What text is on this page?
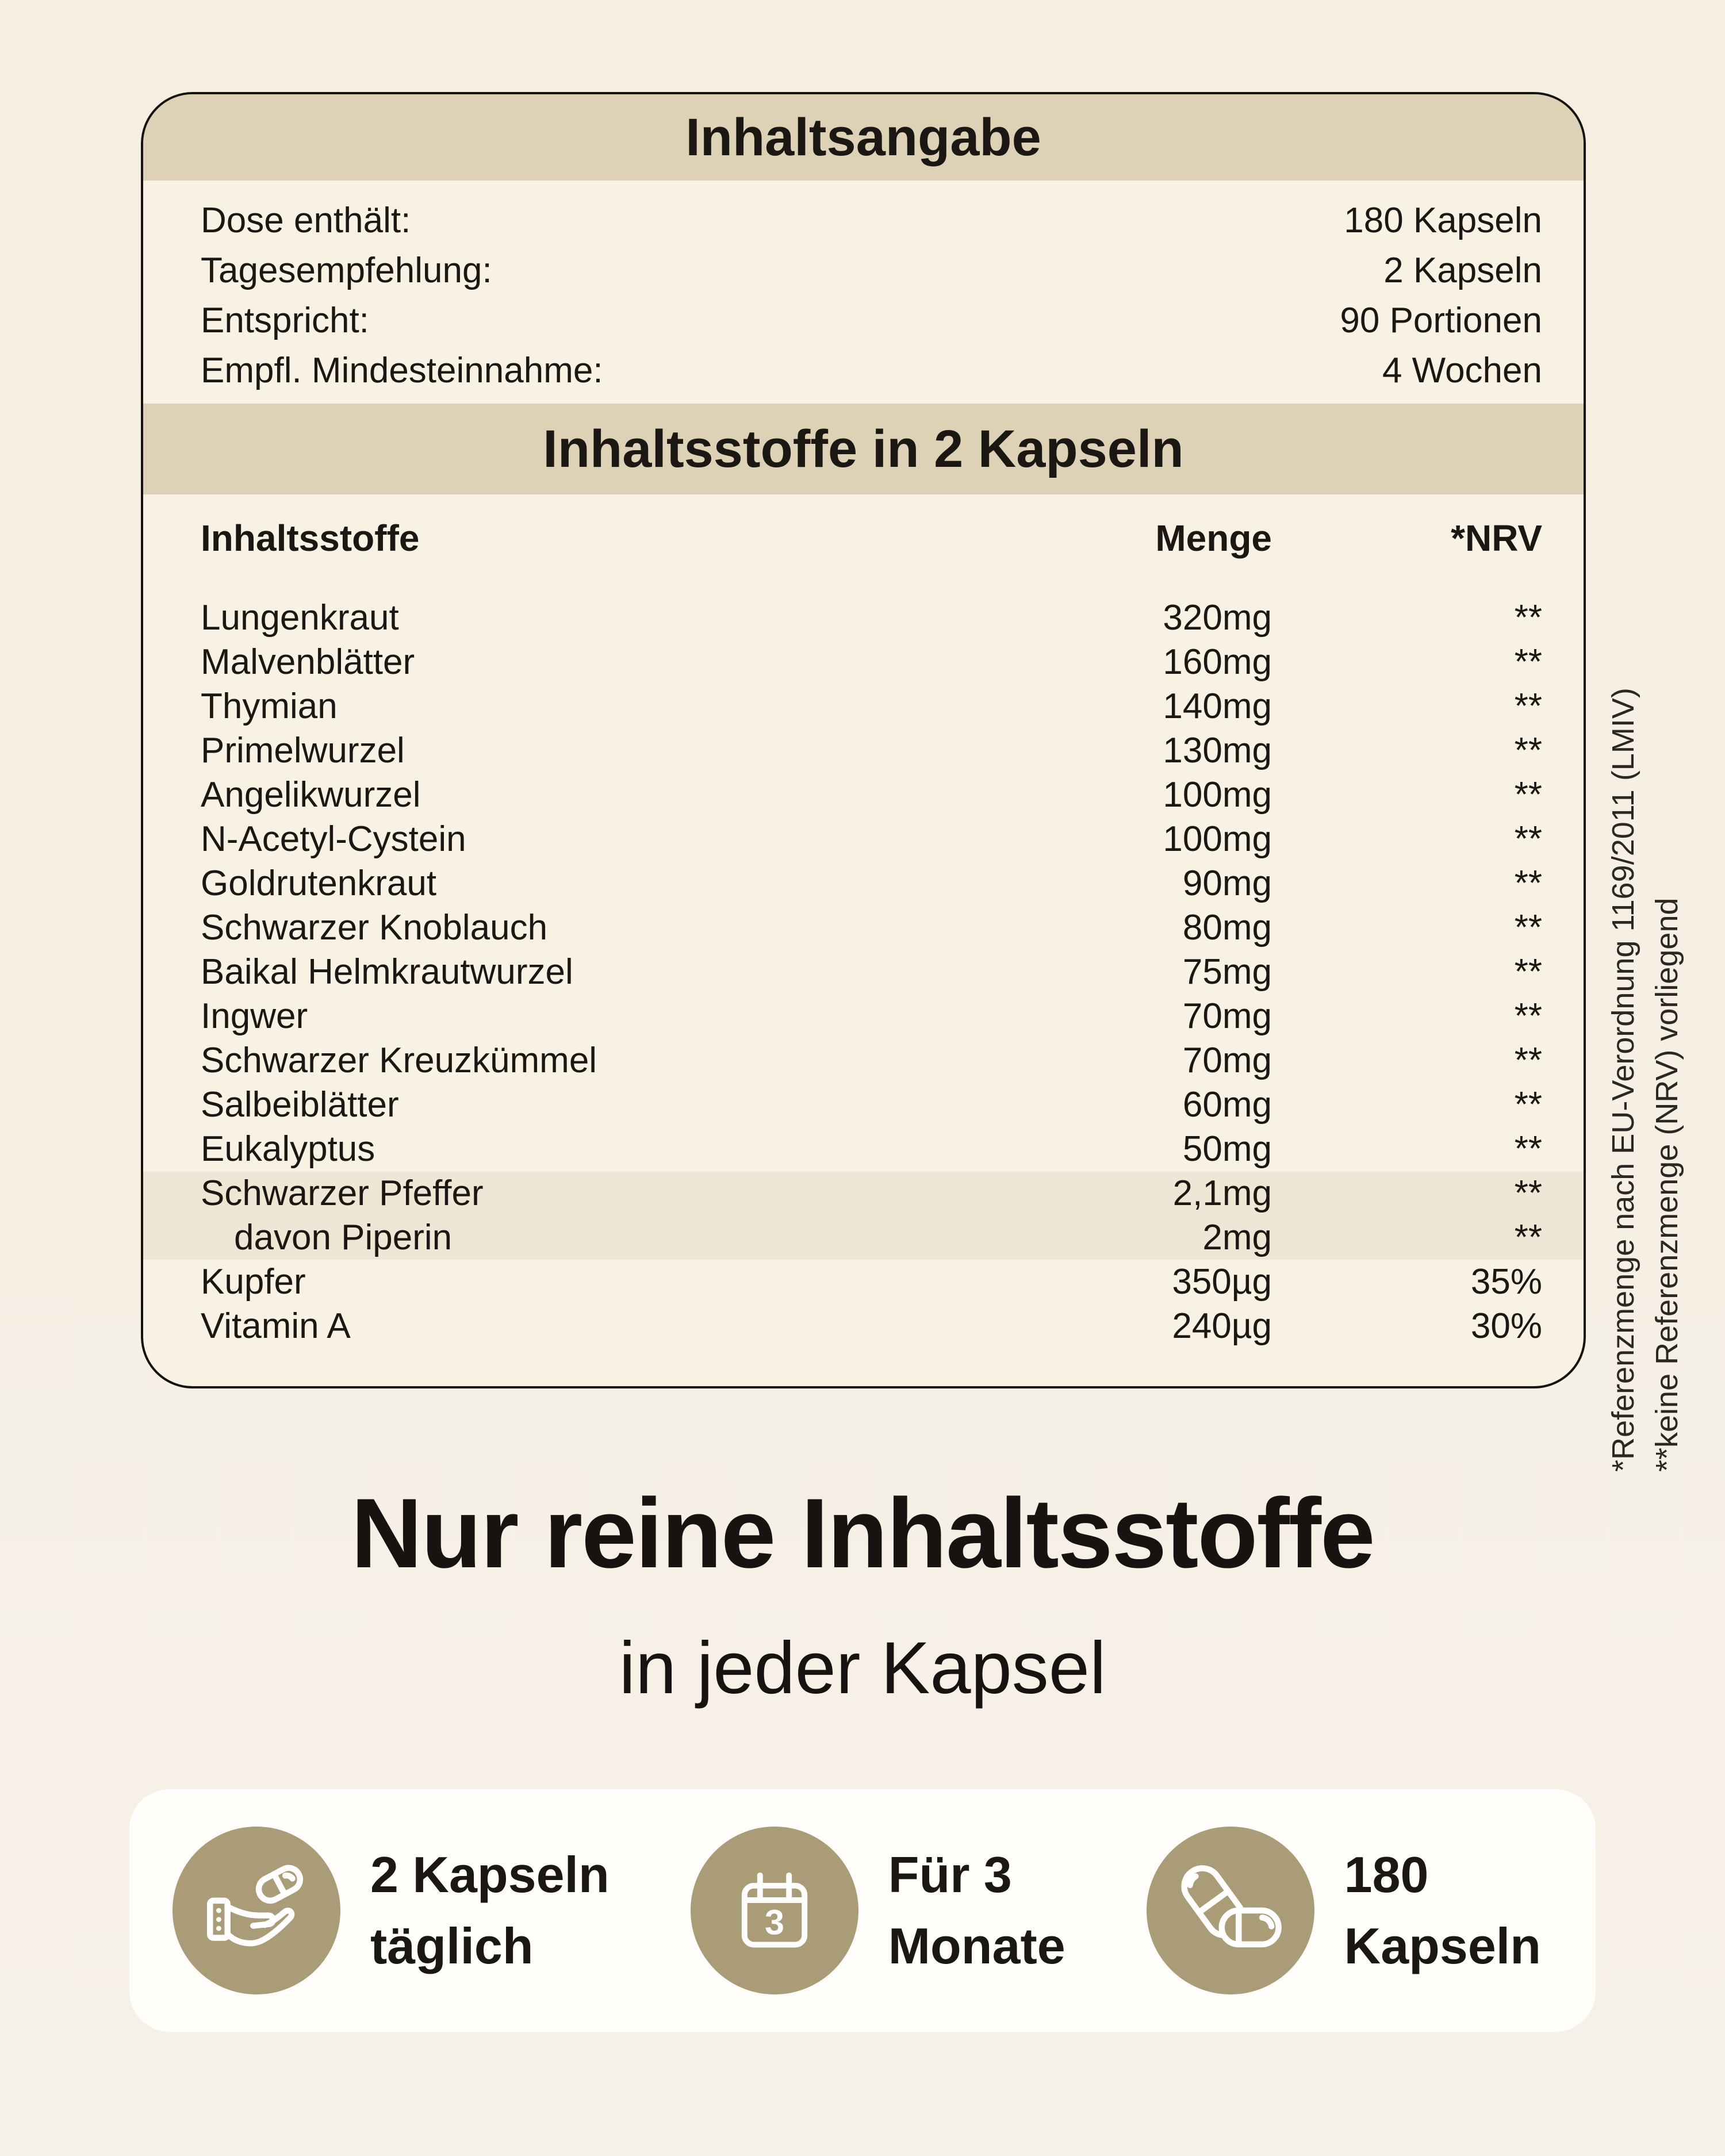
Inhaltsangabe
Dose enthält:	180 Kapseln
Tagesempfehlung:	2 Kapseln
Entspricht:	90 Portionen
Empfl. Mindesteinnahme:	4 Wochen
Inhaltsstoffe in 2 Kapseln
Inhaltsstoffe	Menge	*NRV
Lungenkraut	320mg	**
Malvenblätter	160mg	**
Thymian	140mg	**
Primelwurzel	130mg	**
Angelikwurzel	100mg	**
N-Acetyl-Cystein	100mg	**
Goldrutenkraut	90mg	**
Schwarzer Knoblauch	80mg	**
Baikal Helmkrautwurzel	75mg	**
Ingwer	70mg	**
Schwarzer Kreuzkümmel	70mg	**
Salbeiblätter	60mg	**
Eukalyptus	50mg	**
Schwarzer Pfeffer	2,1mg	**
davon Piperin	2mg	**
Kupfer	350µg	35%
Vitamin A	240µg	30% *Referenzmenge nach EU-Verordnung 1169/2011 (LMIV) **keine Referenzmenge (NRV) vorliegend
Nur reine Inhaltsstoffe
in jeder Kapsel
2 Kapseln
täglich	3
Für 3
Monate
180
Kapseln
